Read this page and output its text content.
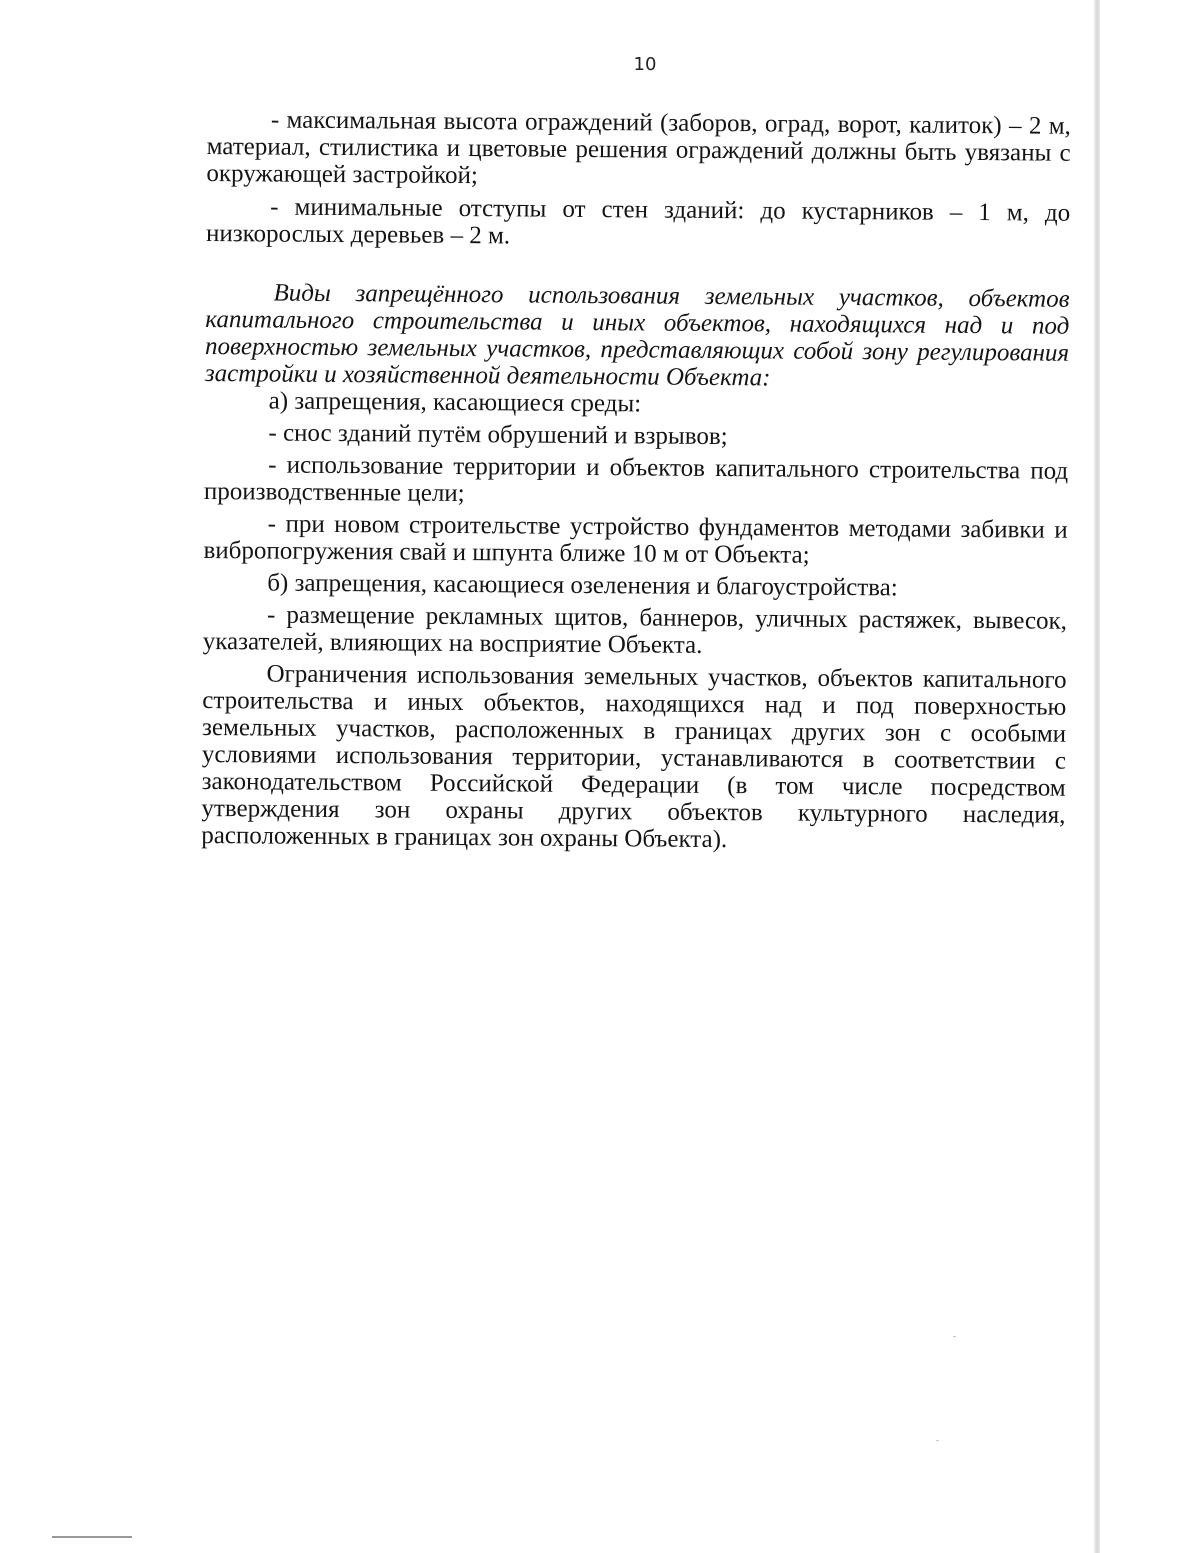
10

- максимальная высота ограждений (заборов, оград, ворот, калиток) – 2 м, материал, стилистика и цветовые решения ограждений должны быть увязаны с окружающей застройкой;

- минимальные отступы от стен зданий: до кустарников – 1 м, до низкорослых деревьев – 2 м.

Виды запрещённого использования земельных участков, объектов капитального строительства и иных объектов, находящихся над и под поверхностью земельных участков, представляющих собой зону регулирования застройки и хозяйственной деятельности Объекта:

а) запрещения, касающиеся среды:

- снос зданий путём обрушений и взрывов;

- использование территории и объектов капитального строительства под производственные цели;

- при новом строительстве устройство фундаментов методами забивки и вибропогружения свай и шпунта ближе 10 м от Объекта;

б) запрещения, касающиеся озеленения и благоустройства:

- размещение рекламных щитов, баннеров, уличных растяжек, вывесок, указателей, влияющих на восприятие Объекта.

Ограничения использования земельных участков, объектов капитального строительства и иных объектов, находящихся над и под поверхностью земельных участков, расположенных в границах других зон с особыми условиями использования территории, устанавливаются в соответствии с законодательством Российской Федерации (в том числе посредством утверждения зон охраны других объектов культурного наследия, расположенных в границах зон охраны Объекта).
